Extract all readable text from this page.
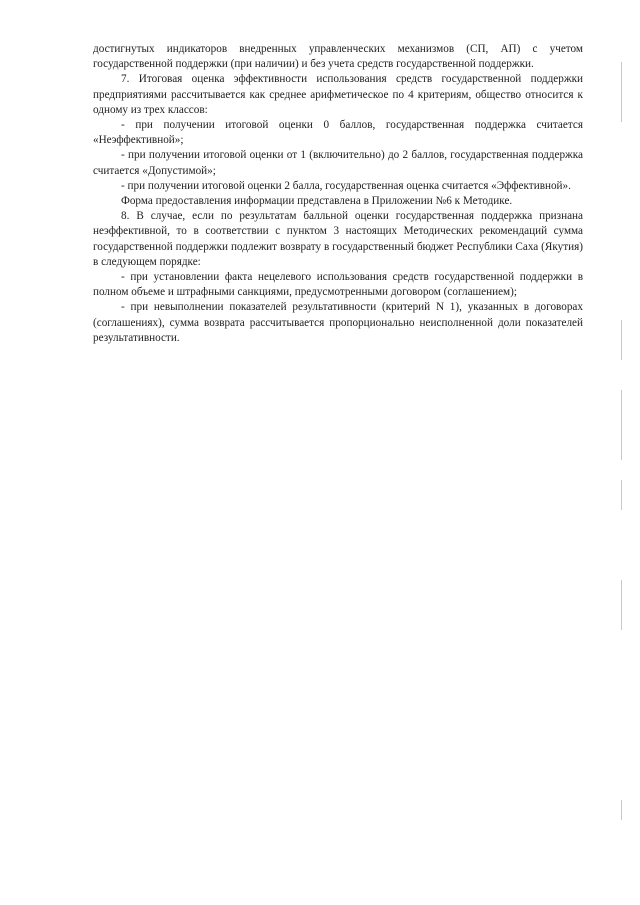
достигнутых индикаторов внедренных управленческих механизмов (СП, АП) с учетом государственной поддержки (при наличии) и без учета средств государственной поддержки.

7. Итоговая оценка эффективности использования средств государственной поддержки предприятиями рассчитывается как среднее арифметическое по 4 критериям, общество относится к одному из трех классов:

- при получении итоговой оценки 0 баллов, государственная поддержка считается «Неэффективной»;

- при получении итоговой оценки от 1 (включительно) до 2 баллов, государственная поддержка считается «Допустимой»;

- при получении итоговой оценки 2 балла, государственная оценка считается «Эффективной».

Форма предоставления информации представлена в Приложении №6 к Методике.

8. В случае, если по результатам балльной оценки государственная поддержка признана неэффективной, то в соответствии с пунктом 3 настоящих Методических рекомендаций сумма государственной поддержки подлежит возврату в государственный бюджет Республики Саха (Якутия) в следующем порядке:

- при установлении факта нецелевого использования средств государственной поддержки в полном объеме и штрафными санкциями, предусмотренными договором (соглашением);

- при невыполнении показателей результативности (критерий N 1), указанных в договорах (соглашениях), сумма возврата рассчитывается пропорционально неисполненной доли показателей результативности.
